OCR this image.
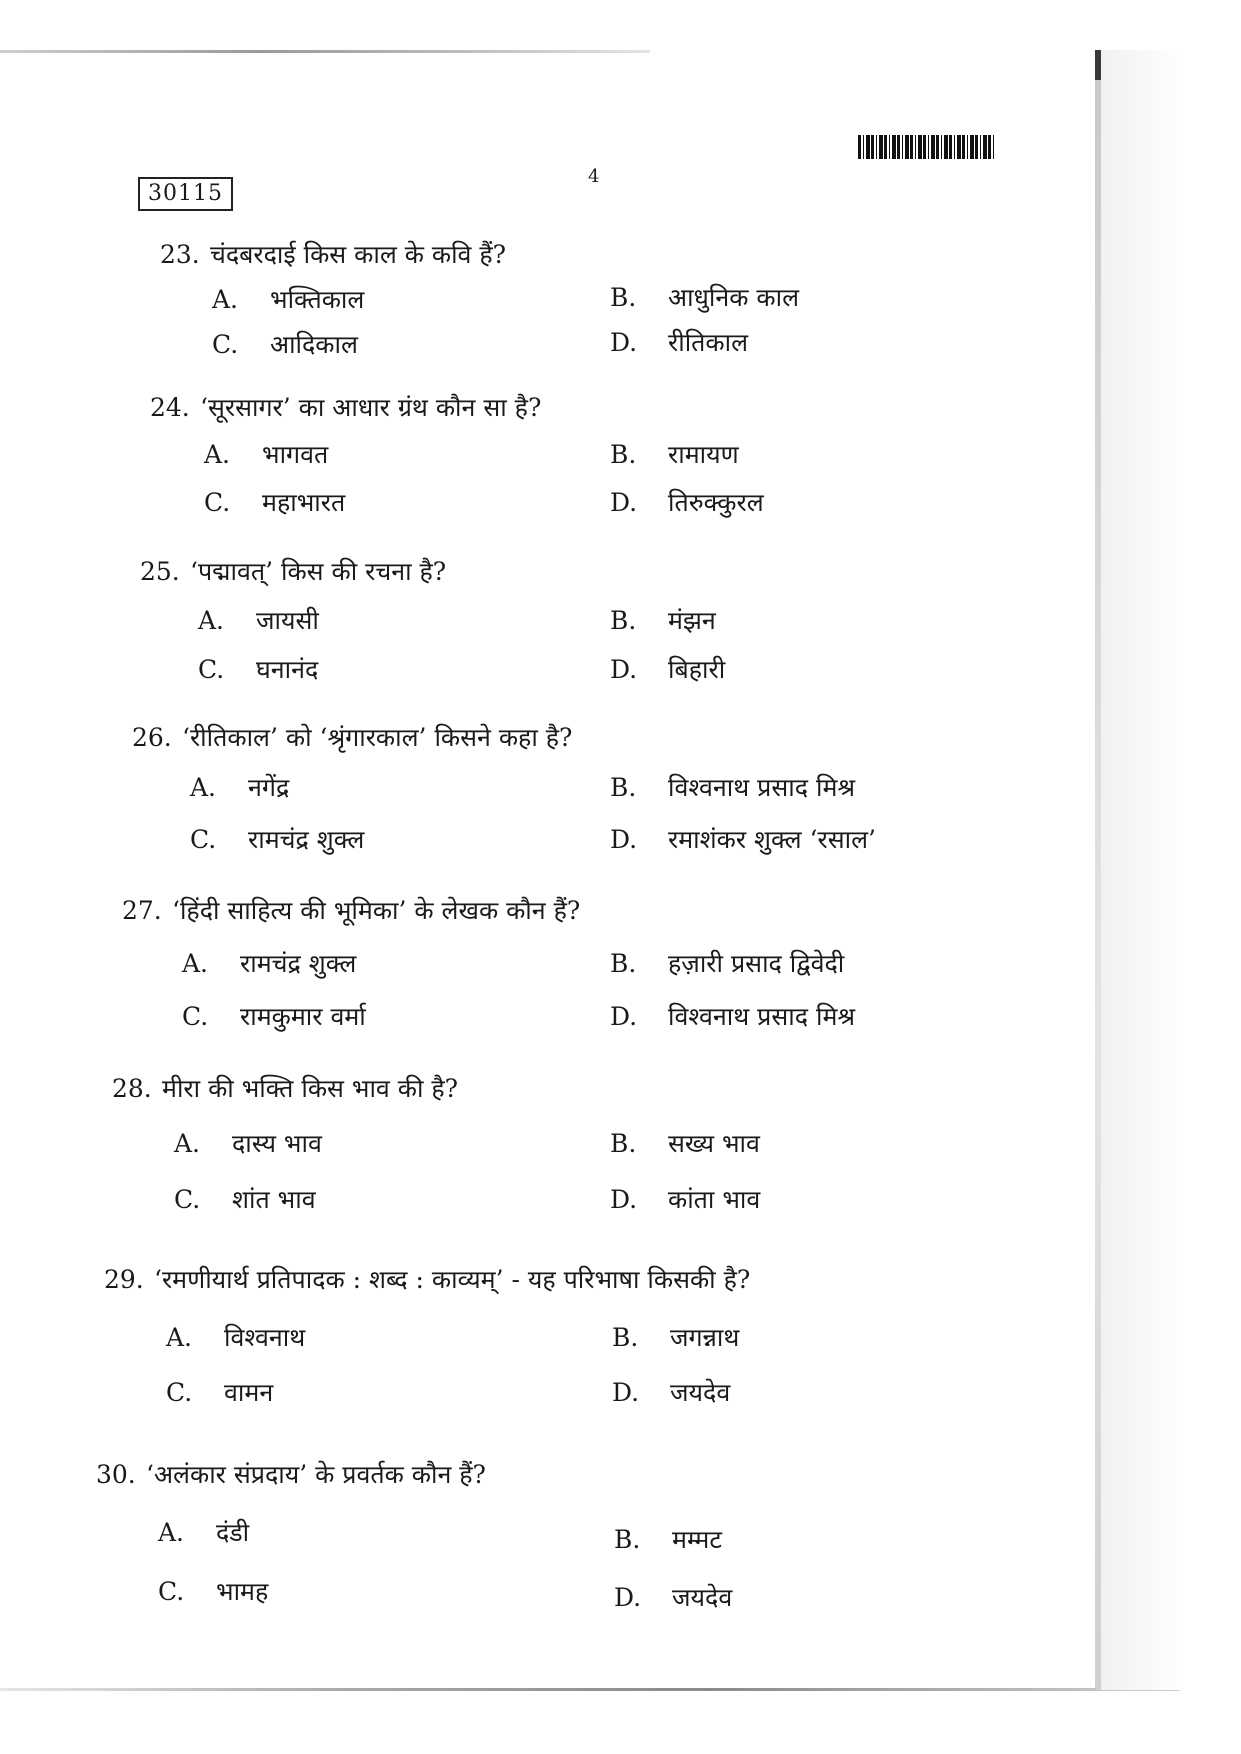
30115
4
23. चंदबरदाई किस काल के कवि हैं?
A. भक्तिकाल	B. आधुनिक काल
C. आदिकाल	D. रीतिकाल
24. ‘सूरसागर’ का आधार ग्रंथ कौन सा है?
A. भागवत	B. रामायण
C. महाभारत	D. तिरुक्कुरल
25. ‘पद्मावत्’ किस की रचना है?
A. जायसी	B. मंझन
C. घनानंद	D. बिहारी
26. ‘रीतिकाल’ को ‘श्रृंगारकाल’ किसने कहा है?
A. नगेंद्र	B. विश्वनाथ प्रसाद मिश्र
C. रामचंद्र शुक्ल	D. रमाशंकर शुक्ल ‘रसाल’
27. ‘हिंदी साहित्य की भूमिका’ के लेखक कौन हैं?
A. रामचंद्र शुक्ल	B. हज़ारी प्रसाद द्विवेदी
C. रामकुमार वर्मा	D. विश्वनाथ प्रसाद मिश्र
28. मीरा की भक्ति किस भाव की है?
A. दास्य भाव	B. सख्य भाव
C. शांत भाव	D. कांता भाव
29. ‘रमणीयार्थ प्रतिपादक : शब्द : काव्यम्’ - यह परिभाषा किसकी है?
A. विश्वनाथ	B. जगन्नाथ
C. वामन	D. जयदेव
30. ‘अलंकार संप्रदाय’ के प्रवर्तक कौन हैं?
A. दंडी	B. मम्मट
C. भामह	D. जयदेव
